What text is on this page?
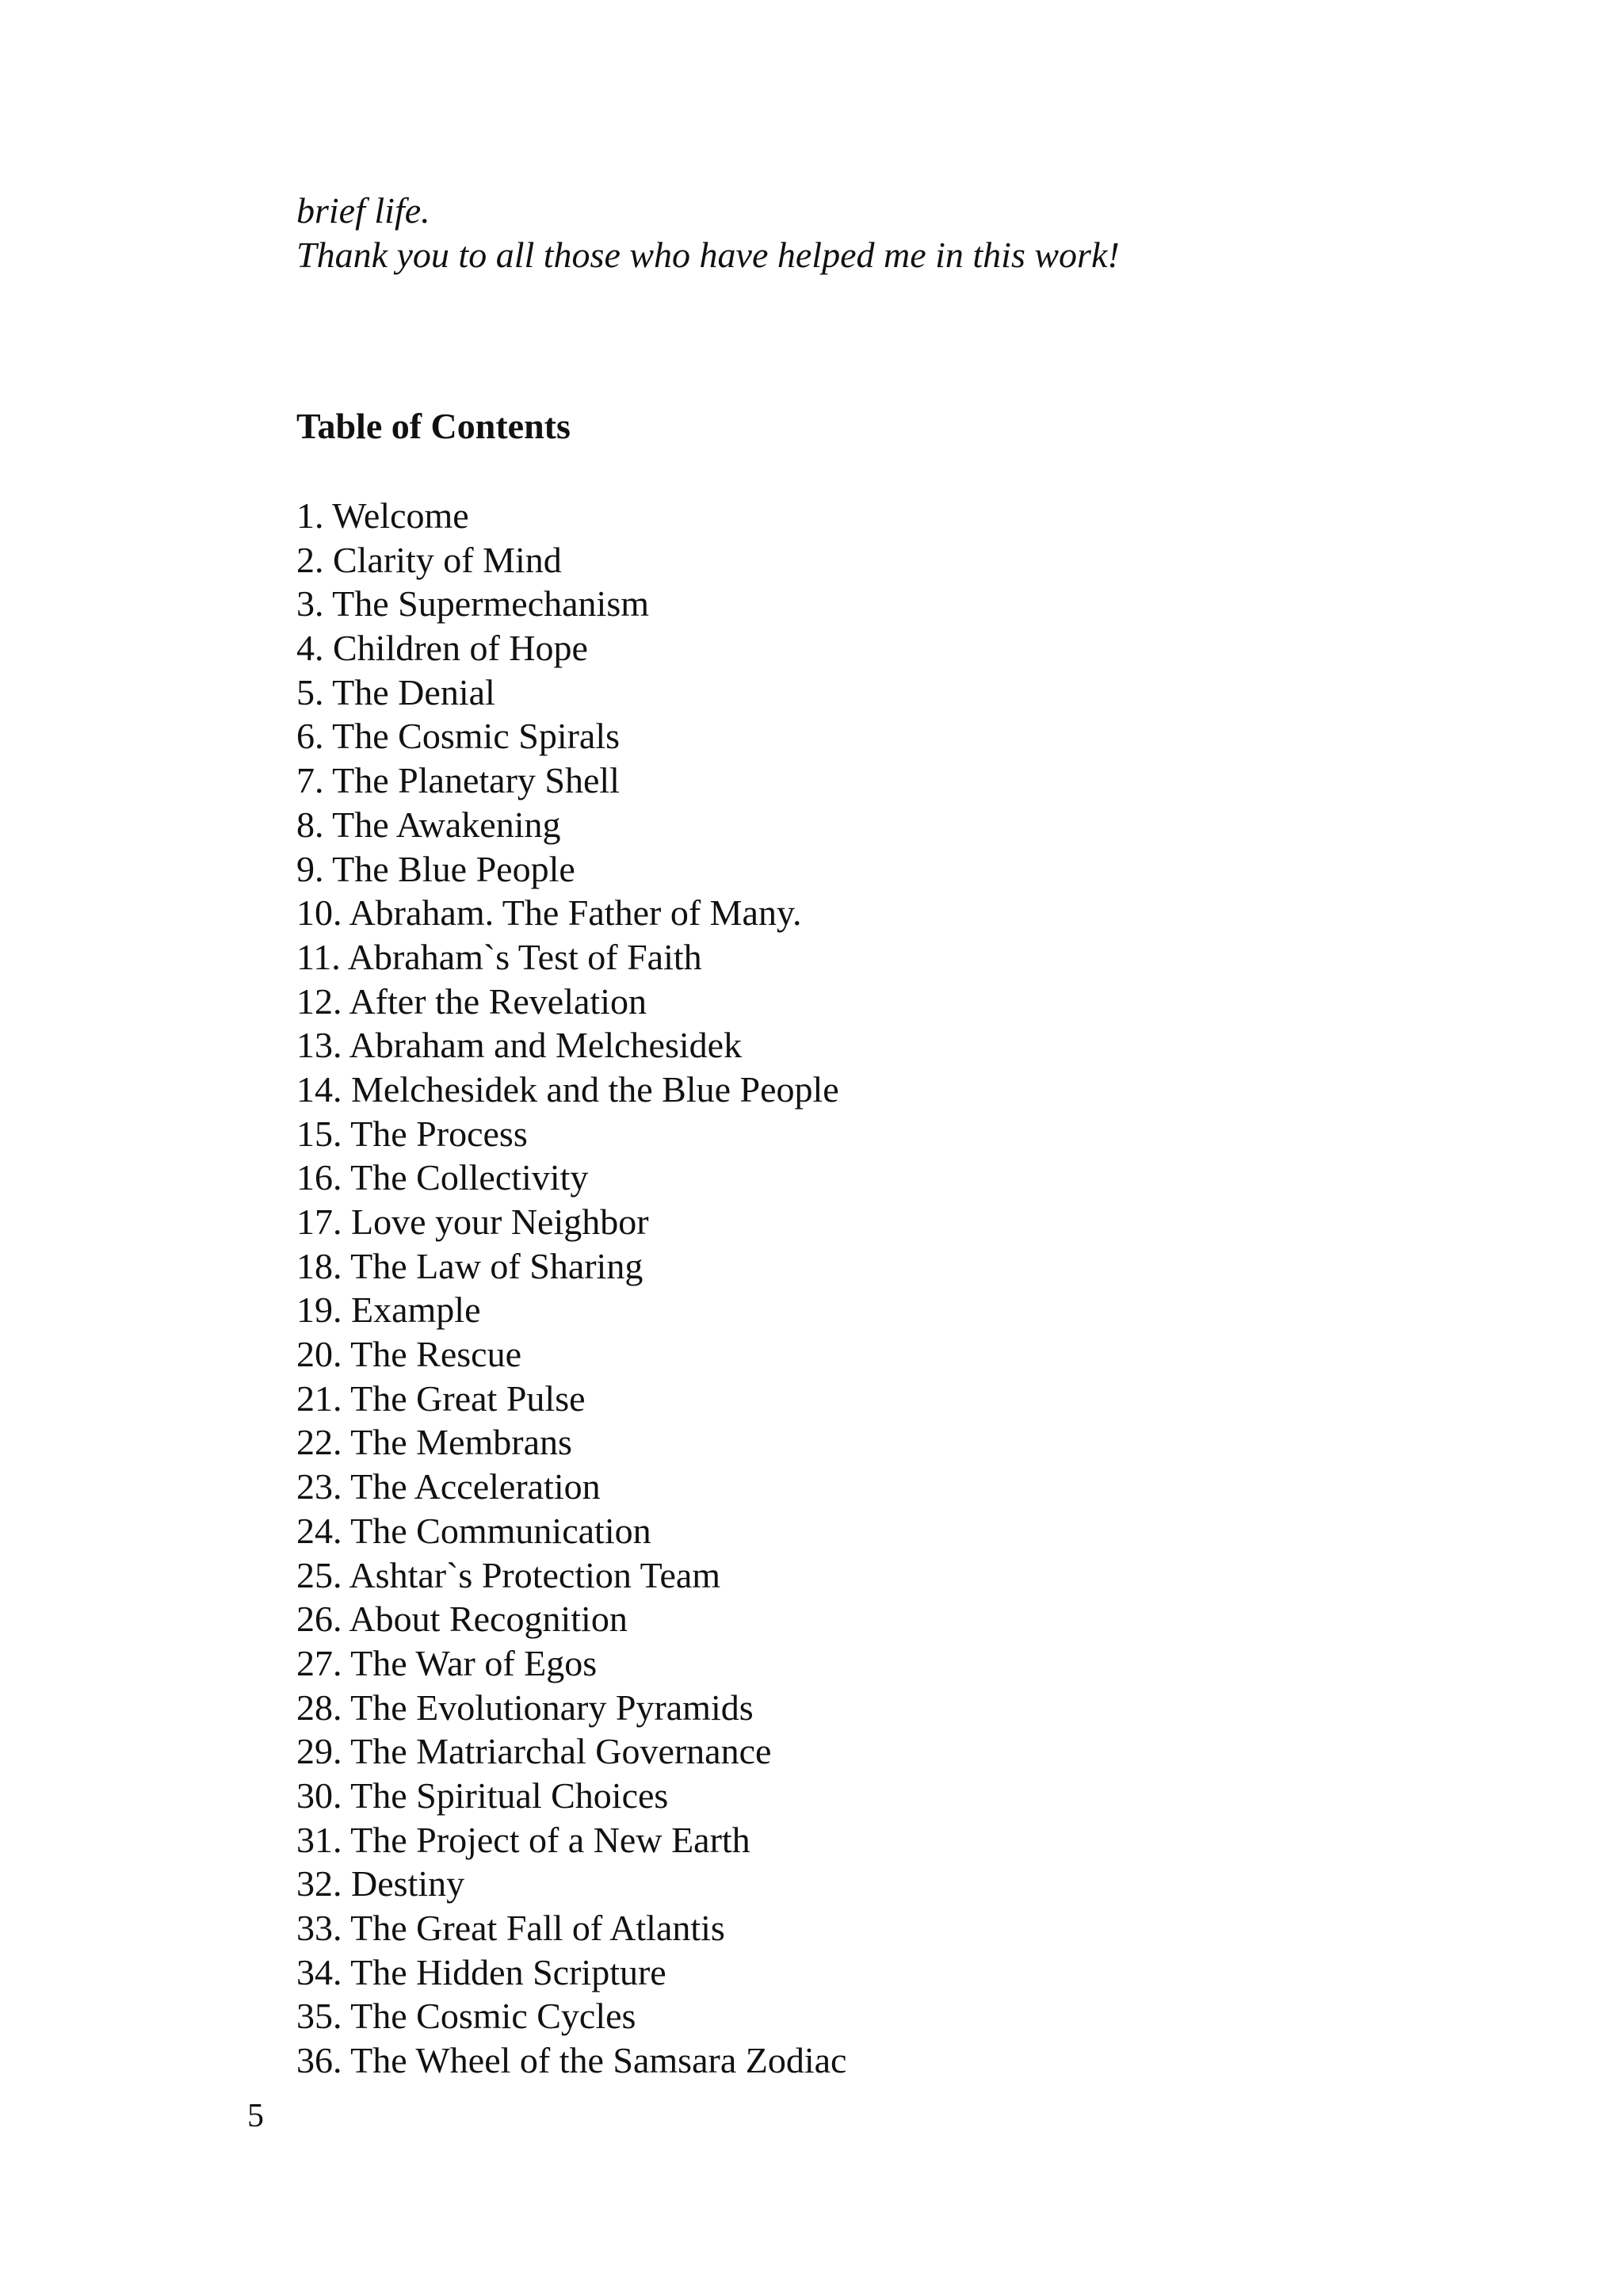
brief life.
Thank you to all those who have helped me in this work!
Table of Contents
1. Welcome
2. Clarity of Mind
3. The Supermechanism
4. Children of Hope
5. The Denial
6. The Cosmic Spirals
7. The Planetary Shell
8. The Awakening
9. The Blue People
10. Abraham. The Father of Many.
11. Abraham`s Test of Faith
12. After the Revelation
13. Abraham and Melchesidek
14. Melchesidek and the Blue People
15. The Process
16. The Collectivity
17. Love your Neighbor
18. The Law of Sharing
19. Example
20. The Rescue
21. The Great Pulse
22. The Membrans
23. The Acceleration
24. The Communication
25. Ashtar`s Protection Team
26. About Recognition
27. The War of Egos
28. The Evolutionary Pyramids
29. The Matriarchal Governance
30. The Spiritual Choices
31. The Project of a New Earth
32. Destiny
33. The Great Fall of Atlantis
34. The Hidden Scripture
35. The Cosmic Cycles
36. The Wheel of the Samsara Zodiac
5
